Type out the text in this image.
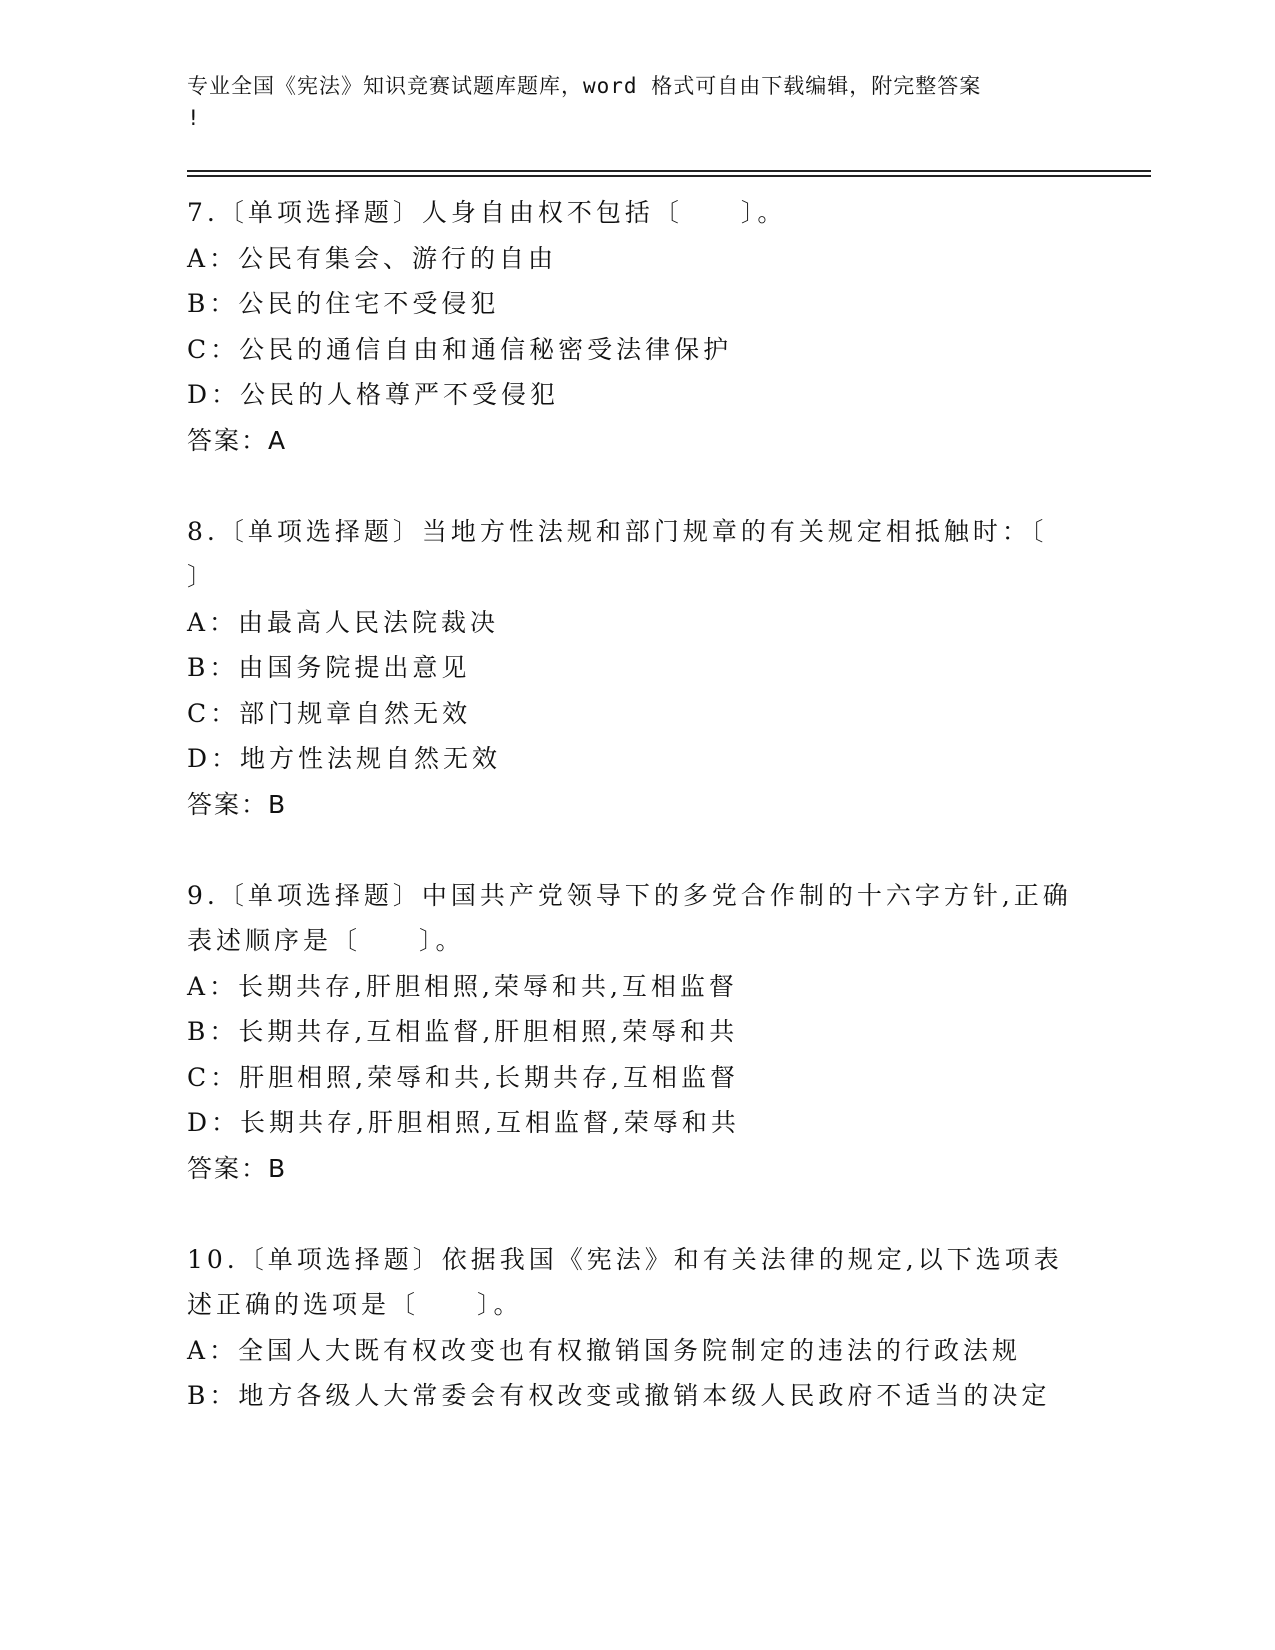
专业全国《宪法》知识竞赛试题库题库，word 格式可自由下载编辑，附完整答案
!
7.〔单项选择题〕人身自由权不包括〔　　〕。
A：公民有集会、游行的自由
B：公民的住宅不受侵犯
C：公民的通信自由和通信秘密受法律保护
D：公民的人格尊严不受侵犯
答案：A
8.〔单项选择题〕当地方性法规和部门规章的有关规定相抵触时：〔
〕
A：由最高人民法院裁决
B：由国务院提出意见
C：部门规章自然无效
D：地方性法规自然无效
答案：B
9.〔单项选择题〕中国共产党领导下的多党合作制的十六字方针,正确
表述顺序是〔　　〕。
A：长期共存,肝胆相照,荣辱和共,互相监督
B：长期共存,互相监督,肝胆相照,荣辱和共
C：肝胆相照,荣辱和共,长期共存,互相监督
D：长期共存,肝胆相照,互相监督,荣辱和共
答案：B
10.〔单项选择题〕依据我国《宪法》和有关法律的规定,以下选项表
述正确的选项是〔　　〕。
A：全国人大既有权改变也有权撤销国务院制定的违法的行政法规
B：地方各级人大常委会有权改变或撤销本级人民政府不适当的决定
